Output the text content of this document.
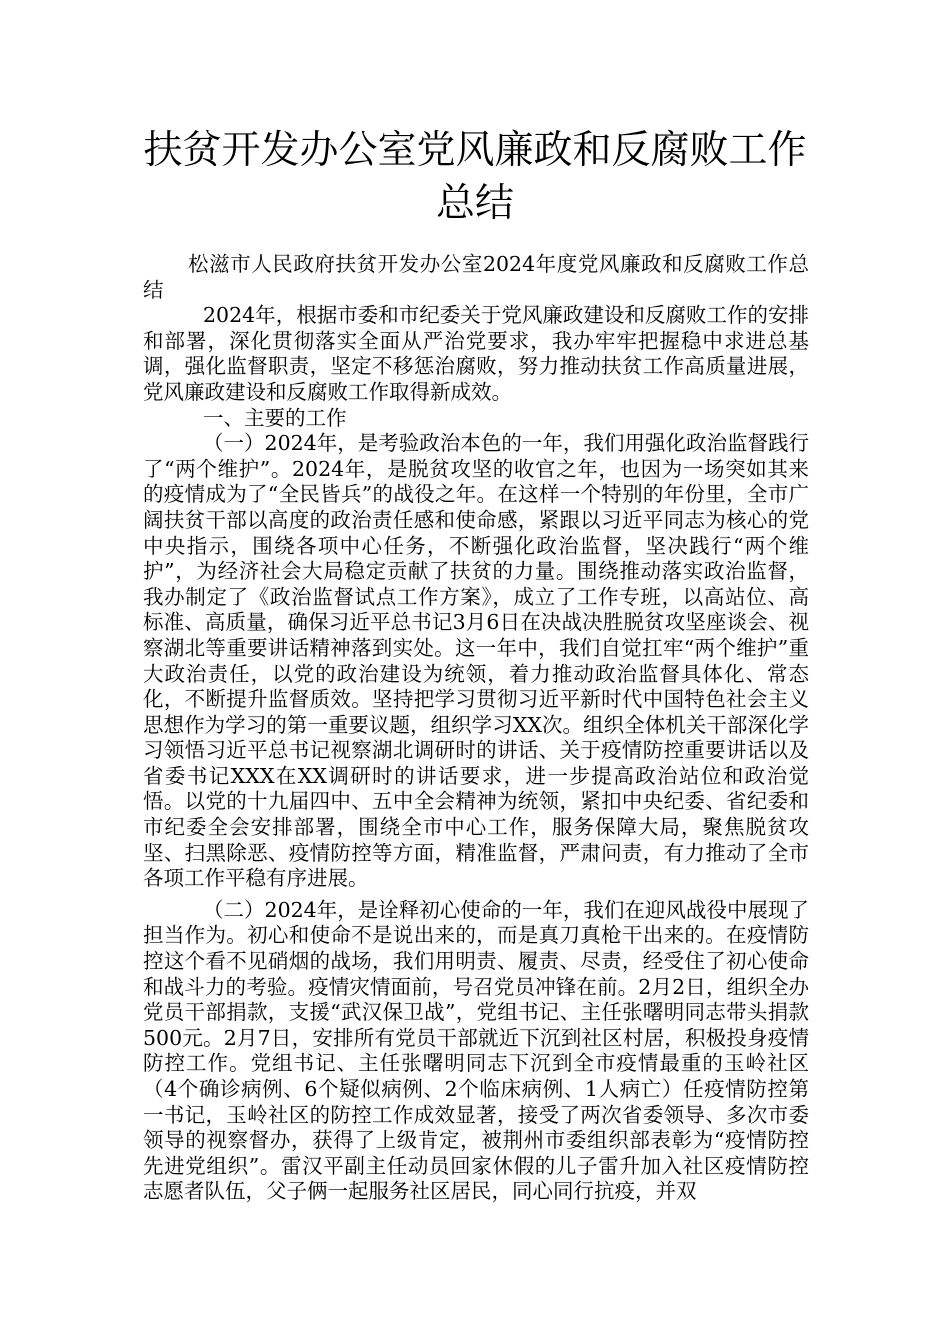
扶贫开发办公室党风廉政和反腐败工作总结

松滋市人民政府扶贫开发办公室2024年度党风廉政和反腐败工作总结

2024年，根据市委和市纪委关于党风廉政建设和反腐败工作的安排和部署，深化贯彻落实全面从严治党要求，我办牢牢把握稳中求进总基调，强化监督职责，坚定不移惩治腐败，努力推动扶贫工作高质量进展，党风廉政建设和反腐败工作取得新成效。

一、主要的工作

（一）2024年，是考验政治本色的一年，我们用强化政治监督践行了“两个维护”。2024年，是脱贫攻坚的收官之年，也因为一场突如其来的疫情成为了“全民皆兵”的战役之年。在这样一个特别的年份里，全市广阔扶贫干部以高度的政治责任感和使命感，紧跟以习近平同志为核心的党中央指示，围绕各项中心任务，不断强化政治监督，坚决践行“两个维护”，为经济社会大局稳定贡献了扶贫的力量。围绕推动落实政治监督，我办制定了《政治监督试点工作方案》，成立了工作专班，以高站位、高标准、高质量，确保习近平总书记3月6日在决战决胜脱贫攻坚座谈会、视察湖北等重要讲话精神落到实处。这一年中，我们自觉扛牢“两个维护”重大政治责任，以党的政治建设为统领，着力推动政治监督具体化、常态化，不断提升监督质效。坚持把学习贯彻习近平新时代中国特色社会主义思想作为学习的第一重要议题，组织学习XX次。组织全体机关干部深化学习领悟习近平总书记视察湖北调研时的讲话、关于疫情防控重要讲话以及省委书记XXX在XX调研时的讲话要求，进一步提高政治站位和政治觉悟。以党的十九届四中、五中全会精神为统领，紧扣中央纪委、省纪委和市纪委全会安排部署，围绕全市中心工作，服务保障大局，聚焦脱贫攻坚、扫黑除恶、疫情防控等方面，精准监督，严肃问责，有力推动了全市各项工作平稳有序进展。

（二）2024年，是诠释初心使命的一年，我们在迎风战役中展现了担当作为。初心和使命不是说出来的，而是真刀真枪干出来的。在疫情防控这个看不见硝烟的战场，我们用明责、履责、尽责，经受住了初心使命和战斗力的考验。疫情灾情面前，号召党员冲锋在前。2月2日，组织全办党员干部捐款，支援“武汉保卫战”，党组书记、主任张曙明同志带头捐款500元。2月7日，安排所有党员干部就近下沉到社区村居，积极投身疫情防控工作。党组书记、主任张曙明同志下沉到全市疫情最重的玉岭社区（4个确诊病例、6个疑似病例、2个临床病例、1人病亡）任疫情防控第一书记，玉岭社区的防控工作成效显著，接受了两次省委领导、多次市委领导的视察督办，获得了上级肯定，被荆州市委组织部表彰为“疫情防控先进党组织”。雷汉平副主任动员回家休假的儿子雷升加入社区疫情防控志愿者队伍，父子俩一起服务社区居民，同心同行抗疫，并双
